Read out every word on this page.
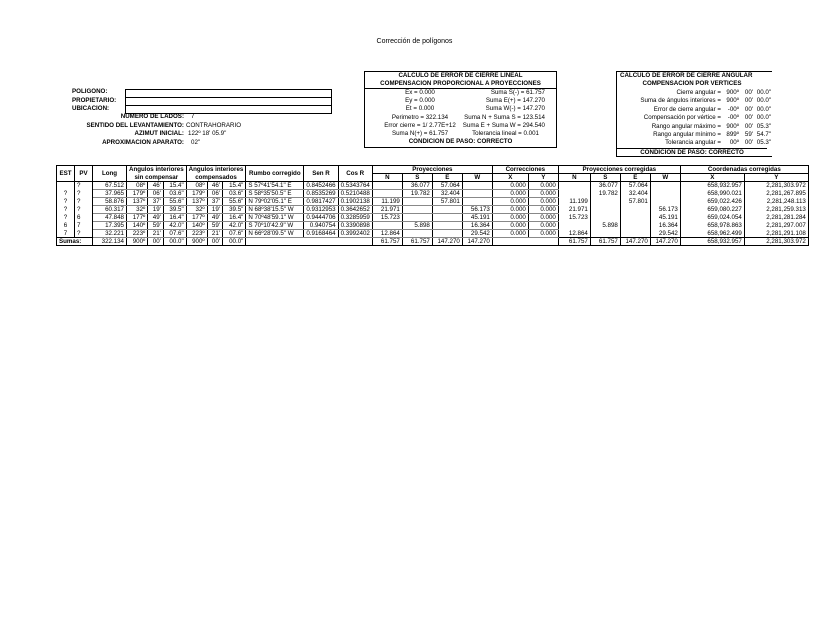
Corrección de polígonos
POLIGONO:
PROPIETARIO:
UBICACION:
NUMERO DE LADOS: 7
SENTIDO DEL LEVANTAMIENTO: CONTRAHORARIO
AZIMUT INICIAL: 122º 18' 05.9"
APROXIMACION APARATO: 02"
CALCULO DE ERROR DE CIERRE LINEAL
COMPENSACION PROPORCIONAL A PROYECCIONES
Ex = 0.000
Ey = 0.000
Et = 0.000
Perimetro = 322.134
Error cierre = 1/ 2.77E+12
Suma N(+) = 61.757
Suma S(-) = 61.757
Suma E(+) = 147.270
Suma W(-) = 147.270
Suma N + Suma S = 123.514
Suma E + Suma W = 294.540
Tolerancia lineal = 0.001
CONDICION DE PASO: CORRECTO
CALCULO DE ERROR DE CIERRE ANGULAR
COMPENSACION POR VERTICES
Cierre angular = 900º 00' 00.0"
Suma de ángulos interiores = 900º 00' 00.0"
Error de cierre angular =	-00º 00' 00.0"
Compensación por vértice =	-00º 00' 00.0"
Rango angular máximo = 900º 00' 05.3"
Rango angular mínimo = 899º 59' 54.7"
Tolerancia angular =	00º 00' 05.3"
CONDICION DE PASO: CORRECTO
EST	PV	Long	Angulos interiores			Angulos interiores			Rumbo corregido	Sen R	Cos R	Proyecciones				Correcciones		Proyecciones corregidas				Coordenadas corregidas	
			sin compensar			compensados						N	S	E	W	X	Y	N	S	E	W	X	Y
	?	67.512	08º	46'	15.4"	08º	46'	15.4"	S 57º41'54.1" E	0.8452466	0.5343764		36.077	57.064		0.000	0.000		36.077	57.064		658,932.957	2,281,303.972
?	?	37.965	179º	06'	03.6"	179º	06'	03.6"	S 58º35'50.5" E	0.8535269	0.5210488		19.782	32.404		0.000	0.000		19.782	32.404		658,990.021	2,281,267.895
?	?	58.876	137º	37'	55.6"	137º	37'	55.6"	N 79º02'05.1" E	0.9817427	0.1902138	11.199		57.801		0.000	0.000	11.199		57.801		659,022.426	2,281,248.113
?	?	60.317	32º	19'	39.5"	32º	19'	39.5"	N 68º38'15.5" W	0.9312953	0.3642652	21.971			56.173	0.000	0.000	21.971			56.173	659,080.227	2,281,259.313
?	6	47.848	177º	49'	16.4"	177º	49'	16.4"	N 70º48'59.1" W	0.9444706	0.3285959	15.723			45.191	0.000	0.000	15.723			45.191	659,024.054	2,281,281.284
6	7	17.395	140º	59'	42.0"	140º	59'	42.0"	S 70º10'42.9" W	0.940754	0.3390898		5.898		16.364	0.000	0.000		5.898		16.364	658,978.863	2,281,297.007
7	?	32.221	223º	21'	07.6"	223º	21'	07.6"	N 66º28'09.5" W	0.9168464	0.3992402	12.864			29.542	0.000	0.000	12.864			29.542	658,962.499	2,281,291.108
Sumas:		322.134	900º	00'	00.0"	900º	00'	00.0"				61.757	61.757	147.270	147.270			61.757	61.757	147.270	147.270	658,932.957	2,281,303.972
